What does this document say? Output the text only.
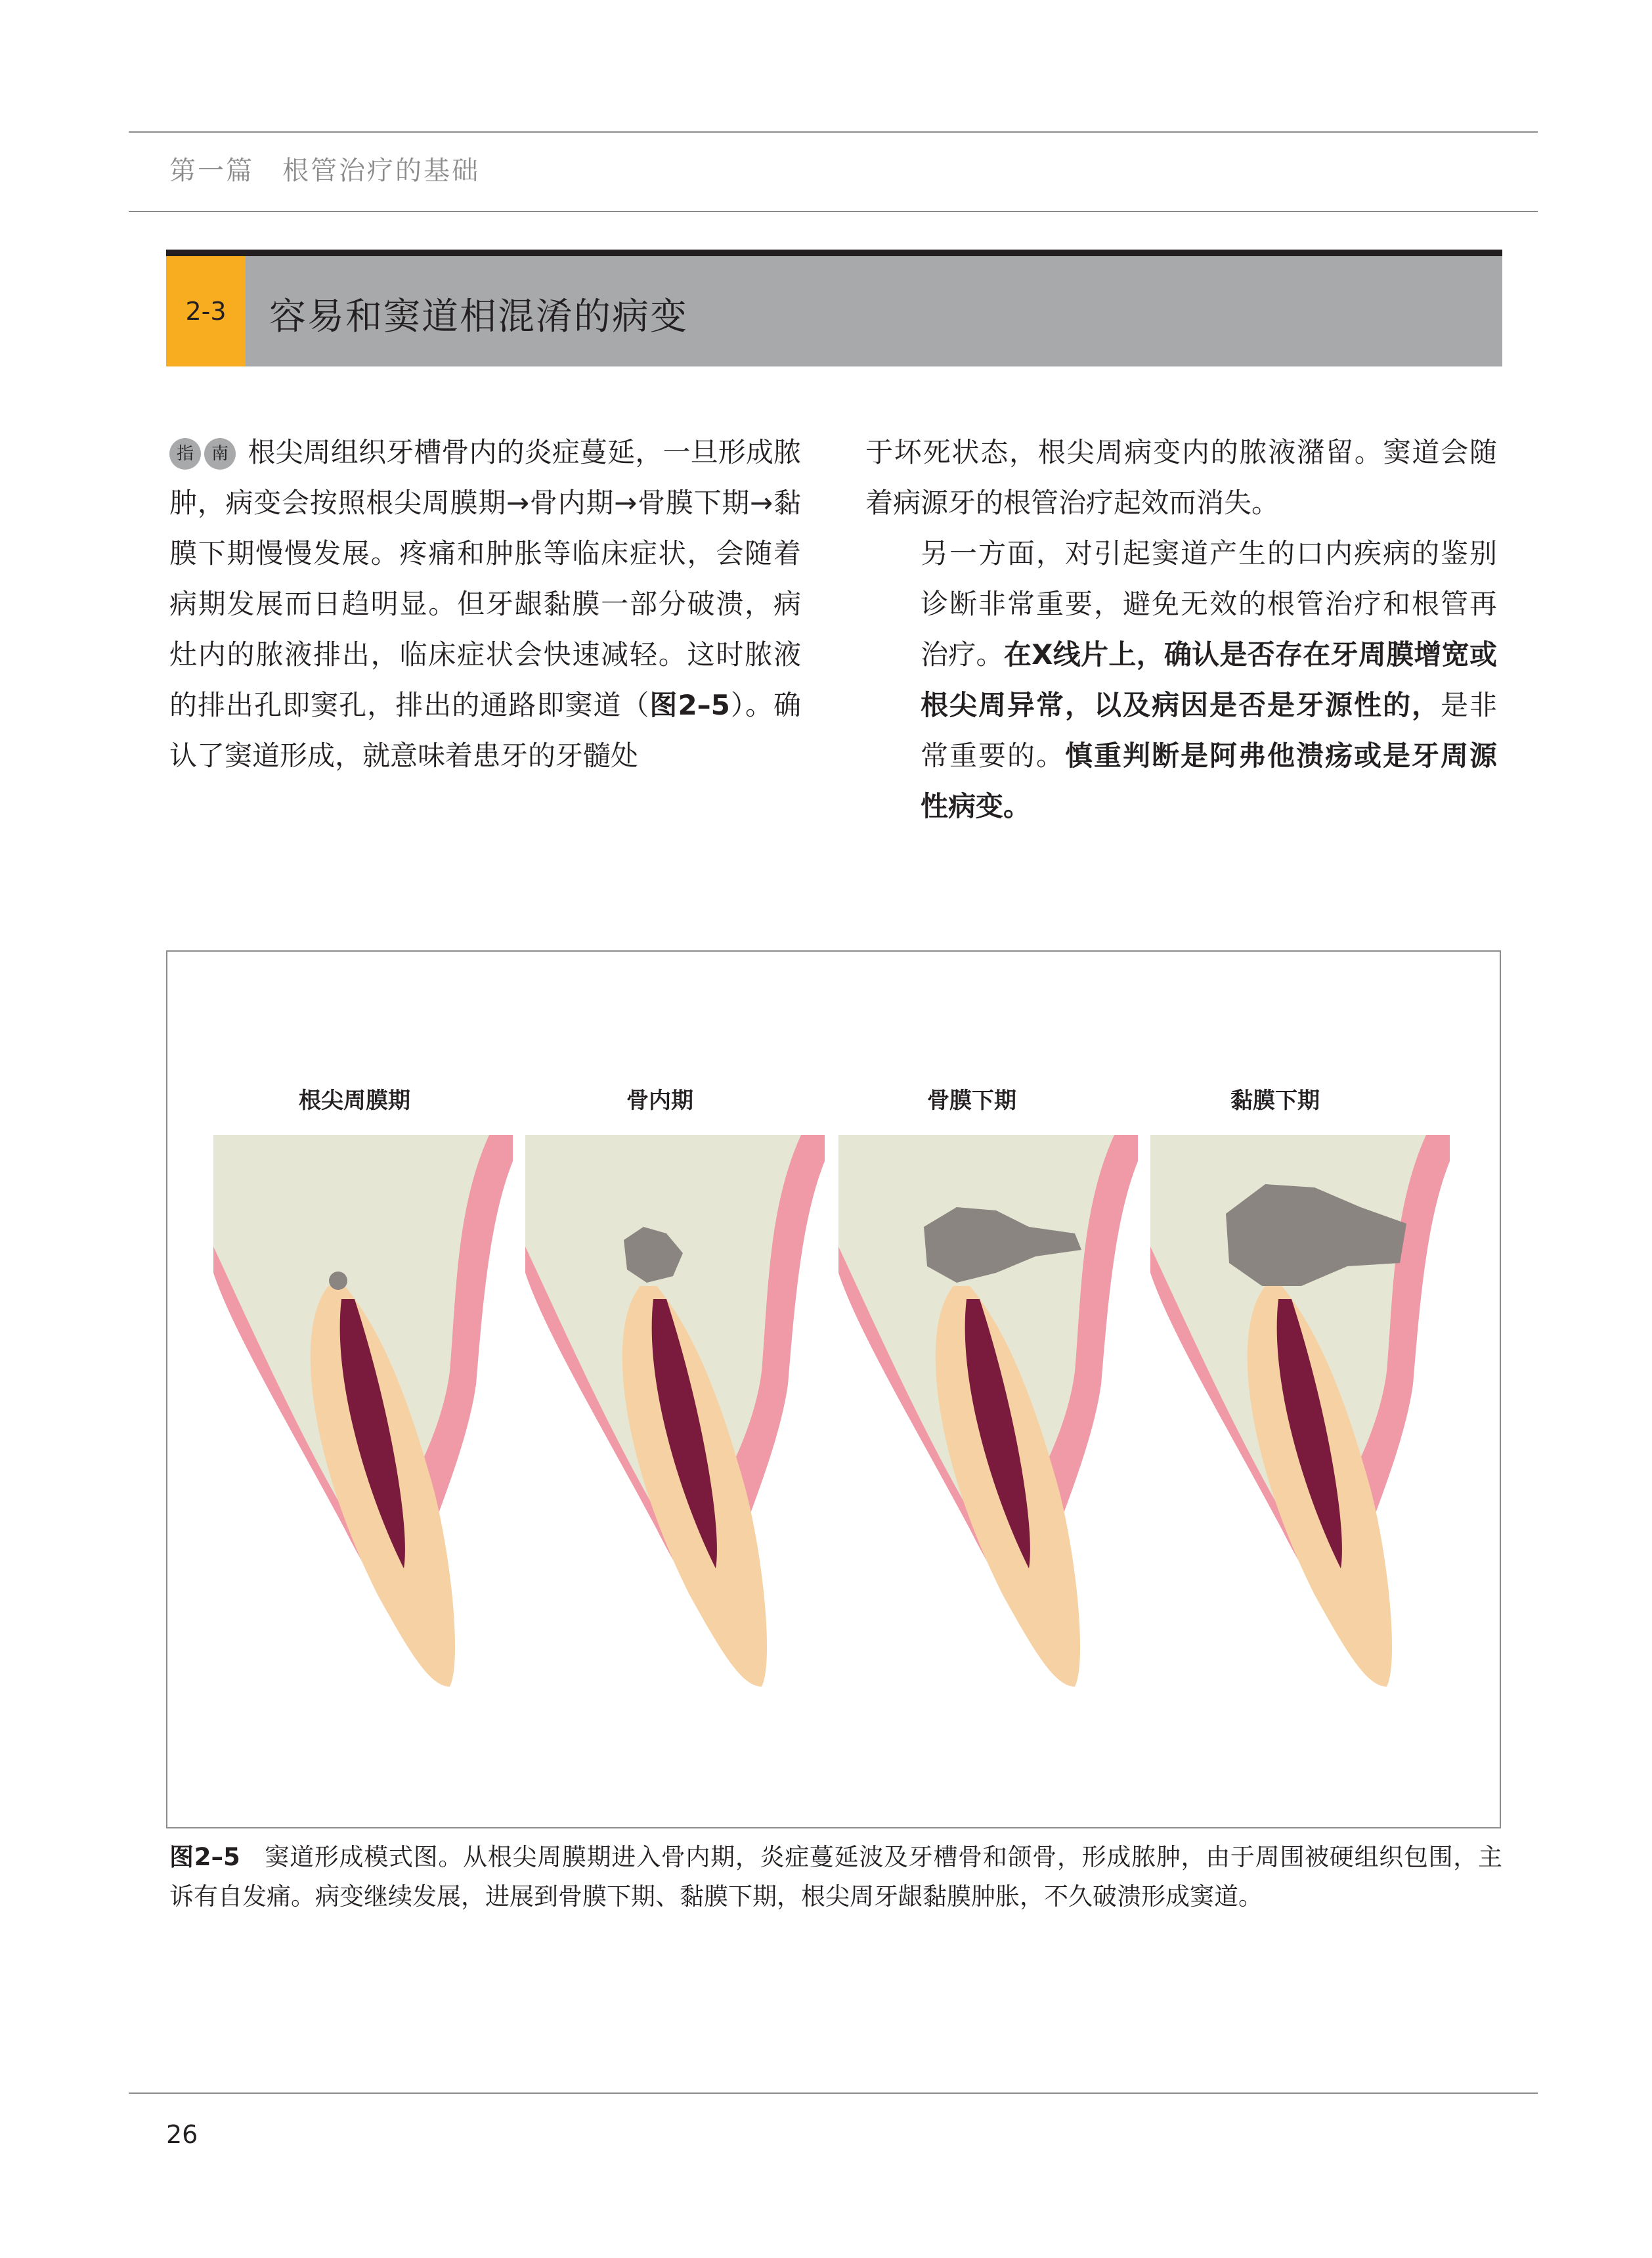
第一篇　根管治疗的基础
2-3	容易和窦道相混淆的病变

指 南 根尖周组织牙槽骨内的炎症蔓延，一旦形成脓肿，病变会按照根尖周膜期→骨内期→骨膜下期→黏膜下期慢慢发展。疼痛和肿胀等临床症状，会随着病期发展而日趋明显。但牙龈黏膜一部分破溃，病灶内的脓液排出，临床症状会快速减轻。这时脓液的排出孔即窦孔，排出的通路即窦道（图2–5）。确认了窦道形成，就意味着患牙的牙髓处

于坏死状态，根尖周病变内的脓液潴留。窦道会随着病源牙的根管治疗起效而消失。

另一方面，对引起窦道产生的口内疾病的鉴别诊断非常重要，避免无效的根管治疗和根管再治疗。在X线片上，确认是否存在牙周膜增宽或根尖周异常，以及病因是否是牙源性的，是非常重要的。慎重判断是阿弗他溃疡或是牙周源性病变。

根尖周膜期	骨内期	骨膜下期	黏膜下期
图2–5  窦道形成模式图。从根尖周膜期进入骨内期，炎症蔓延波及牙槽骨和颌骨，形成脓肿，由于周围被硬组织包围，主诉有自发痛。病变继续发展，进展到骨膜下期、黏膜下期，根尖周牙龈黏膜肿胀，不久破溃形成窦道。
26
